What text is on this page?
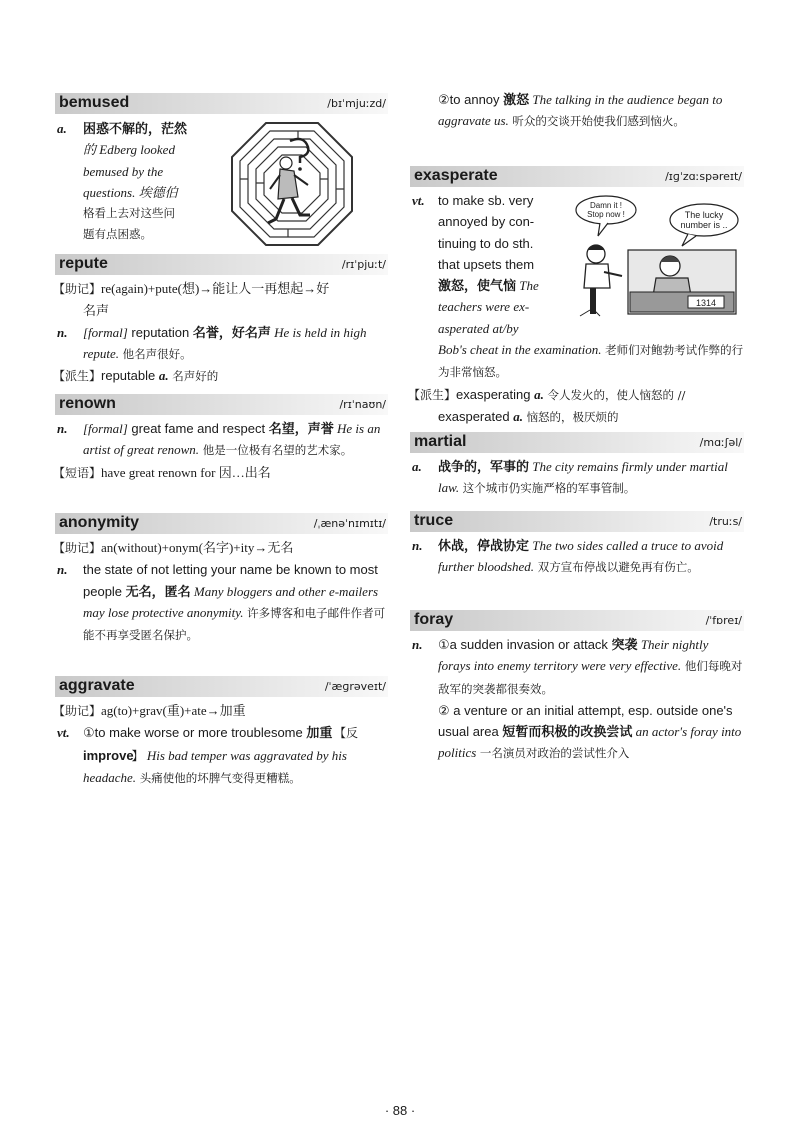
bemused	/bɪˈmjuːzd/
a. 困惑不解的，茫然
的 Edberg looked
bemused by the
questions. 埃德伯
格看上去对这些问
题有点困惑。
repute	/rɪˈpjuːt/
【助记】re(again)+pute(想)→能让人一再想起→好
名声
n. [formal] reputation 名誉，好名声 He is held in high repute. 他名声很好。
【派生】reputable a. 名声好的
renown	/rɪˈnaʊn/
n. [formal] great fame and respect 名望，声誉 He is an artist of great renown. 他是一位极有名望的艺术家。
【短语】have great renown for 因…出名
anonymity	/ˌænəˈnɪmɪtɪ/
【助记】an(without)+onym(名字)+ity→无名
n. the state of not letting your name be known to most people 无名，匿名 Many bloggers and other e-mailers may lose protective anonymity. 许多博客和电子邮件作者可能不再享受匿名保护。
aggravate	/ˈæɡrəveɪt/
【助记】ag(to)+grav(重)+ate→加重
vt. ①to make worse or more troublesome 加重 【反 improve】 His bad temper was aggravated by his headache. 头痛使他的坏脾气变得更糟糕。
②to annoy 激怒 The talking in the audience began to aggravate us. 听众的交谈开始使我们感到恼火。
exasperate	/ɪɡˈzɑːspəreɪt/
vt. to make sb. very
annoyed by con-
tinuing to do sth.
that upsets them
激怒，使气恼 The
teachers were ex-
asperated at/by
Bob's cheat in the examination. 老师们对鲍勃考试作弊的行为非常恼怒。
【派生】exasperating a. 令人发火的，使人恼怒的 //
exasperated a. 恼怒的，极厌烦的
Damn it !
Stop now !	The lucky
number is ..
1314
martial	/mɑːʃəl/
a. 战争的，军事的 The city remains firmly under martial law. 这个城市仍实施严格的军事管制。
truce	/truːs/
n. 休战，停战协定 The two sides called a truce to avoid further bloodshed. 双方宣布停战以避免再有伤亡。
foray	/ˈfɒreɪ/
n. ①a sudden invasion or attack 突袭 Their nightly forays into enemy territory were very effective. 他们每晚对敌军的突袭都很奏效。
② a venture or an initial attempt, esp. outside one's usual area 短暂而积极的改换尝试 an actor's foray into politics 一名演员对政治的尝试性介入
· 88 ·
